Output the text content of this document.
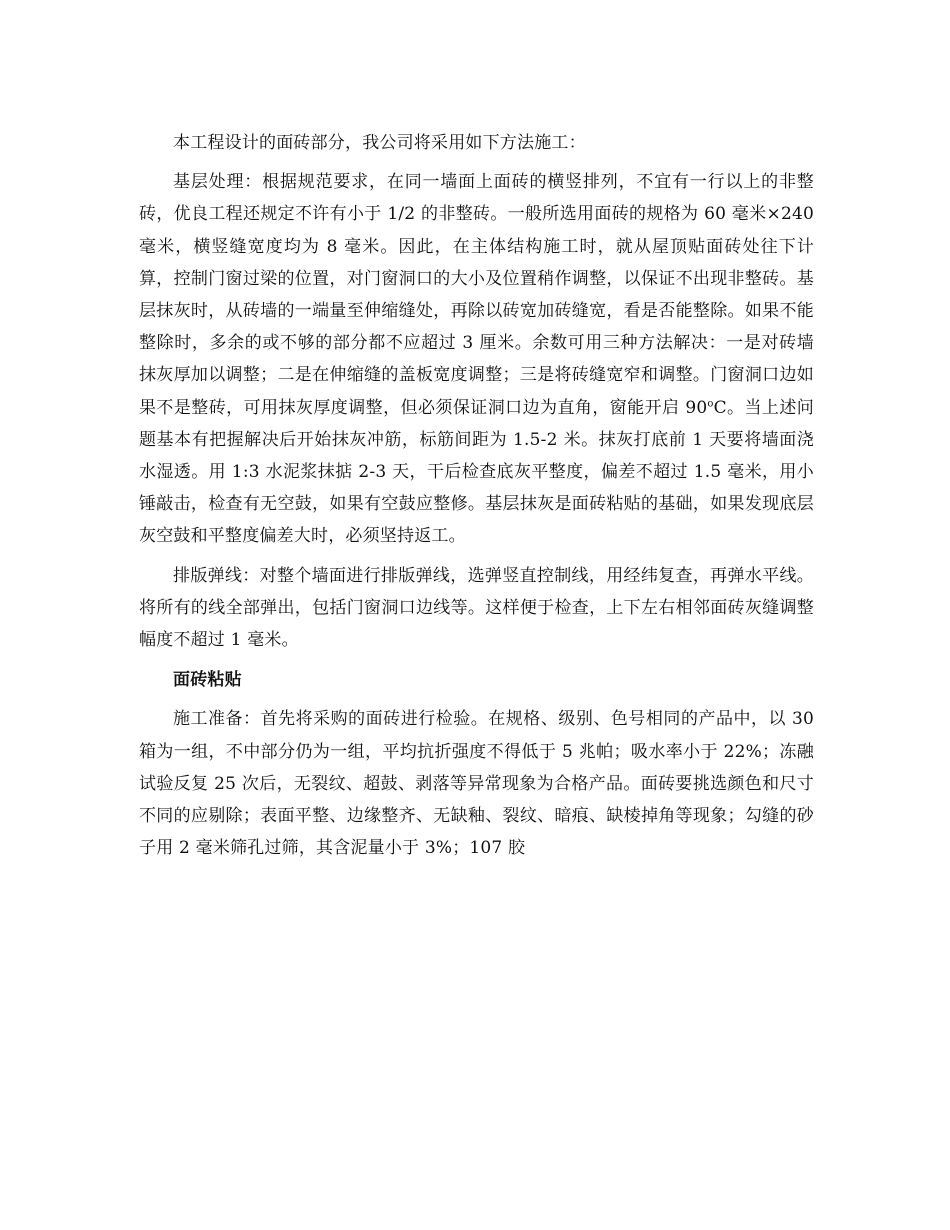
本工程设计的面砖部分，我公司将采用如下方法施工：

基层处理：根据规范要求，在同一墙面上面砖的横竖排列，不宜有一行以上的非整砖，优良工程还规定不许有小于 1/2 的非整砖。一般所选用面砖的规格为 60 毫米×240 毫米，横竖缝宽度均为 8 毫米。因此，在主体结构施工时，就从屋顶贴面砖处往下计算，控制门窗过梁的位置，对门窗洞口的大小及位置稍作调整，以保证不出现非整砖。基层抹灰时，从砖墙的一端量至伸缩缝处，再除以砖宽加砖缝宽，看是否能整除。如果不能整除时，多余的或不够的部分都不应超过 3 厘米。余数可用三种方法解决：一是对砖墙抹灰厚加以调整；二是在伸缩缝的盖板宽度调整；三是将砖缝宽窄和调整。门窗洞口边如果不是整砖，可用抹灰厚度调整，但必须保证洞口边为直角，窗能开启 90$^o$C。当上述问题基本有把握解决后开始抹灰冲筋，标筋间距为 1.5-2 米。抹灰打底前 1 天要将墙面浇水湿透。用 1:3 水泥浆抹掂 2-3 天，干后检查底灰平整度，偏差不超过 1.5 毫米，用小锤敲击，检查有无空鼓，如果有空鼓应整修。基层抹灰是面砖粘贴的基础，如果发现底层灰空鼓和平整度偏差大时，必须坚持返工。

排版弹线：对整个墙面进行排版弹线，选弹竖直控制线，用经纬复查，再弹水平线。将所有的线全部弹出，包括门窗洞口边线等。这样便于检查，上下左右相邻面砖灰缝调整幅度不超过 1 毫米。

面砖粘贴

施工准备：首先将采购的面砖进行检验。在规格、级别、色号相同的产品中，以 30 箱为一组，不中部分仍为一组，平均抗折强度不得低于 5 兆帕；吸水率小于 22%；冻融试验反复 25 次后，无裂纹、超鼓、剥落等异常现象为合格产品。面砖要挑选颜色和尺寸不同的应剔除；表面平整、边缘整齐、无缺釉、裂纹、暗痕、缺棱掉角等现象；勾缝的砂子用 2 毫米筛孔过筛，其含泥量小于 3%；107 胶
